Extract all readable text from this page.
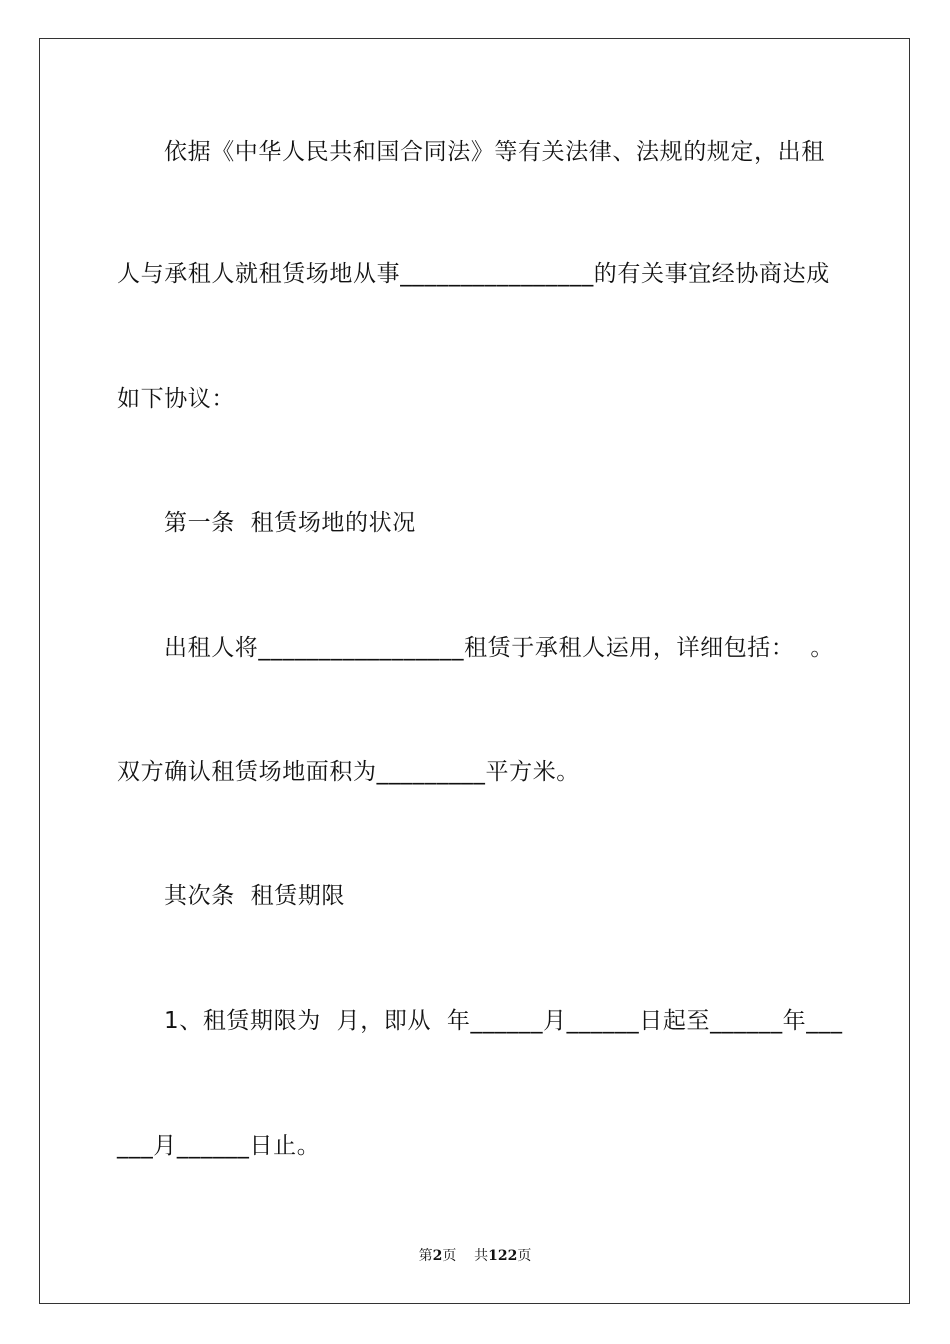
依据《中华人民共和国合同法》等有关法律、法规的规定，出租
人与承租人就租赁场地从事________________的有关事宜经协商达成
如下协议：
第一条  租赁场地的状况
出租人将_________________租赁于承租人运用，详细包括：  。
双方确认租赁场地面积为_________平方米。
其次条  租赁期限
1、租赁期限为  月，即从  年______月______日起至______年___
___月______日止。
第2页    共122页
